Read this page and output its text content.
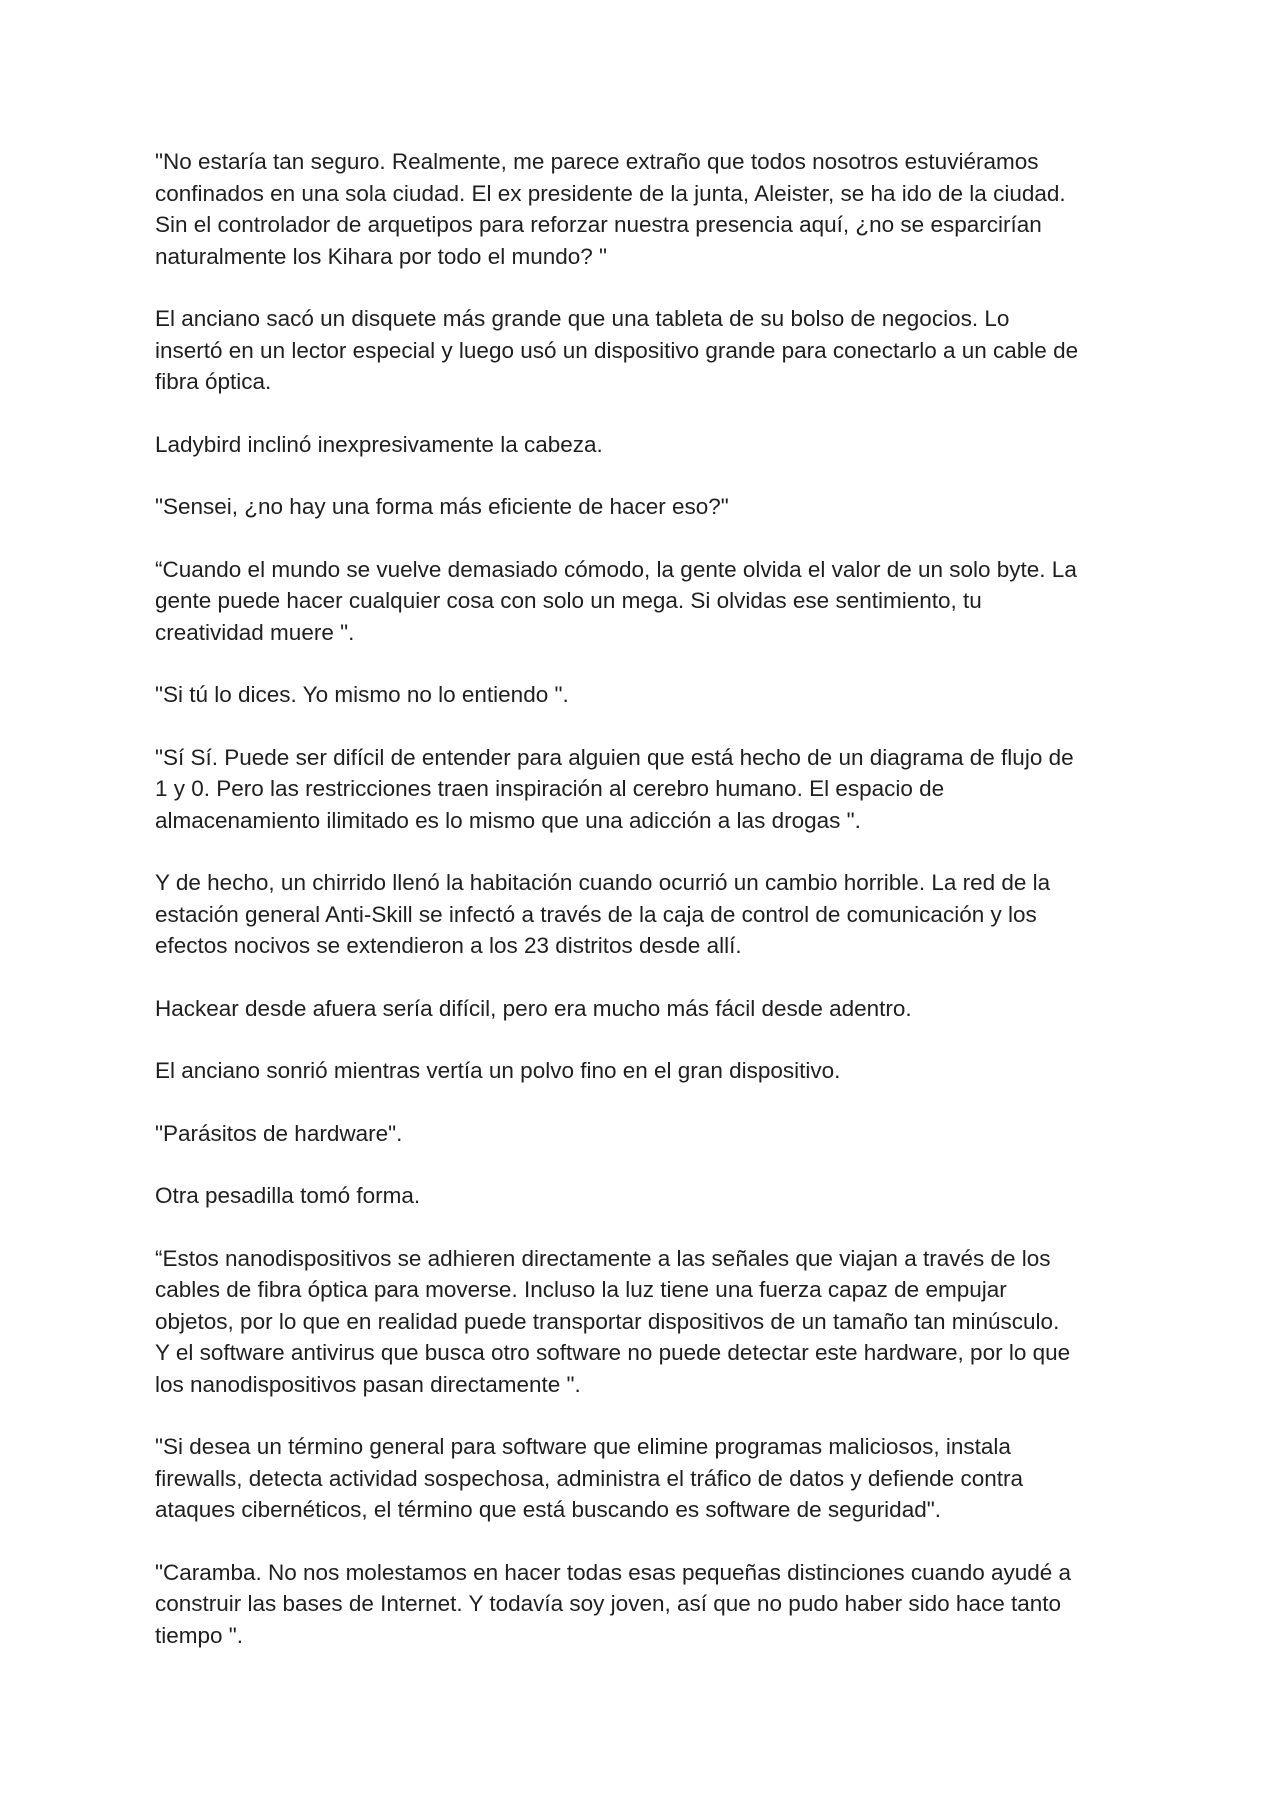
"No estaría tan seguro. Realmente, me parece extraño que todos nosotros estuviéramos
confinados en una sola ciudad. El ex presidente de la junta, Aleister, se ha ido de la ciudad.
Sin el controlador de arquetipos para reforzar nuestra presencia aquí, ¿no se esparcirían
naturalmente los Kihara por todo el mundo? "

El anciano sacó un disquete más grande que una tableta de su bolso de negocios. Lo
insertó en un lector especial y luego usó un dispositivo grande para conectarlo a un cable de
fibra óptica.

Ladybird inclinó inexpresivamente la cabeza.

"Sensei, ¿no hay una forma más eficiente de hacer eso?"

“Cuando el mundo se vuelve demasiado cómodo, la gente olvida el valor de un solo byte. La
gente puede hacer cualquier cosa con solo un mega. Si olvidas ese sentimiento, tu
creatividad muere ".

"Si tú lo dices. Yo mismo no lo entiendo ".

"Sí Sí. Puede ser difícil de entender para alguien que está hecho de un diagrama de flujo de
1 y 0. Pero las restricciones traen inspiración al cerebro humano. El espacio de
almacenamiento ilimitado es lo mismo que una adicción a las drogas ".

Y de hecho, un chirrido llenó la habitación cuando ocurrió un cambio horrible. La red de la
estación general Anti-Skill se infectó a través de la caja de control de comunicación y los
efectos nocivos se extendieron a los 23 distritos desde allí.

Hackear desde afuera sería difícil, pero era mucho más fácil desde adentro.

El anciano sonrió mientras vertía un polvo fino en el gran dispositivo.

"Parásitos de hardware".

Otra pesadilla tomó forma.

“Estos nanodispositivos se adhieren directamente a las señales que viajan a través de los
cables de fibra óptica para moverse. Incluso la luz tiene una fuerza capaz de empujar
objetos, por lo que en realidad puede transportar dispositivos de un tamaño tan minúsculo.
Y el software antivirus que busca otro software no puede detectar este hardware, por lo que
los nanodispositivos pasan directamente ".

"Si desea un término general para software que elimine programas maliciosos, instala
firewalls, detecta actividad sospechosa, administra el tráfico de datos y defiende contra
ataques cibernéticos, el término que está buscando es software de seguridad".

"Caramba. No nos molestamos en hacer todas esas pequeñas distinciones cuando ayudé a
construir las bases de Internet. Y todavía soy joven, así que no pudo haber sido hace tanto
tiempo ".
